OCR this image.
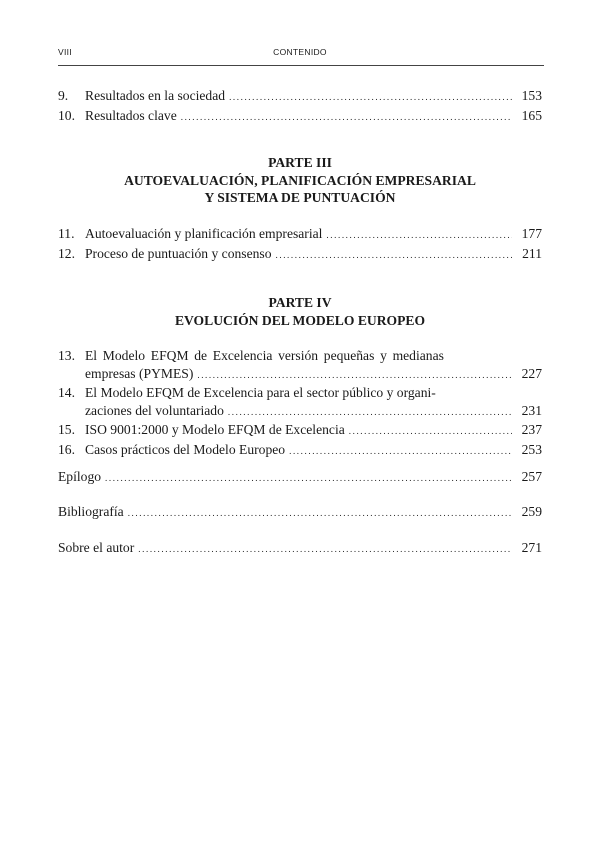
VIII	CONTENIDO
9.	Resultados en la sociedad .....	153
10. Resultados clave .....	165
PARTE III
AUTOEVALUACIÓN, PLANIFICACIÓN EMPRESARIAL
Y SISTEMA DE PUNTUACIÓN
11. Autoevaluación y planificación empresarial .....	177
12. Proceso de puntuación y consenso .....	211
PARTE IV
EVOLUCIÓN DEL MODELO EUROPEO
13. El Modelo EFQM de Excelencia versión pequeñas y medianas
empresas (PYMES) .....	227
14. El Modelo EFQM de Excelencia para el sector público y organi-
zaciones del voluntariado .....	231
15. ISO 9001:2000 y Modelo EFQM de Excelencia .....	237
16. Casos prácticos del Modelo Europeo .....	253
Epílogo .....	257
Bibliografía .....	259
Sobre el autor .....	271
